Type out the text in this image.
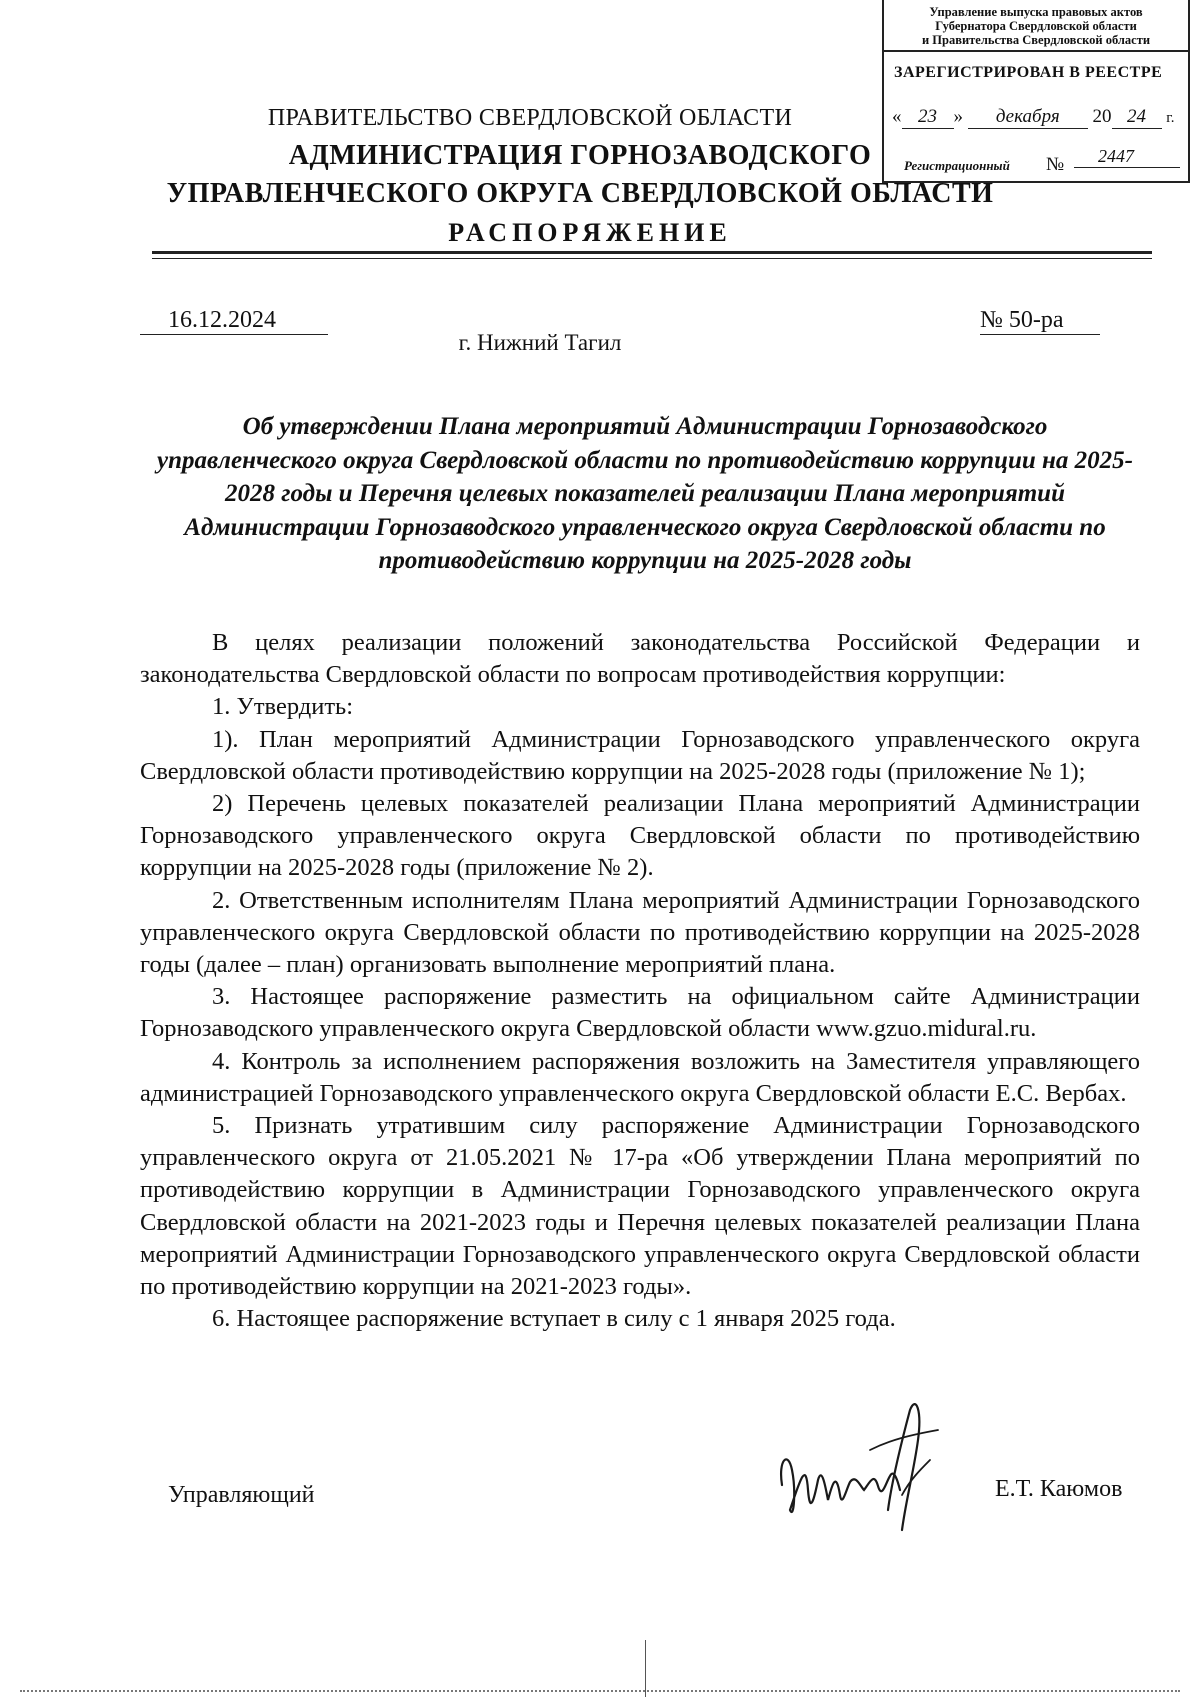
Управление выпуска правовых актов
Губернатора Свердловской области
и Правительства Свердловской области
ЗАРЕГИСТРИРОВАН В РЕЕСТРЕ
« 23 » декабря 20 24 г.
Регистрационный №	2447
ПРАВИТЕЛЬСТВО СВЕРДЛОВСКОЙ ОБЛАСТИ
АДМИНИСТРАЦИЯ ГОРНОЗАВОДСКОГО
УПРАВЛЕНЧЕСКОГО ОКРУГА СВЕРДЛОВСКОЙ ОБЛАСТИ
РАСПОРЯЖЕНИЕ
16.12.2024	№ 50-ра
г. Нижний Тагил
Об утверждении Плана мероприятий Администрации Горнозаводского управленческого округа Свердловской области по противодействию коррупции на 2025-2028 годы и Перечня целевых показателей реализации Плана мероприятий Администрации Горнозаводского управленческого округа Свердловской области по противодействию коррупции на 2025-2028 годы

В целях реализации положений законодательства Российской Федерации и законодательства Свердловской области по вопросам противодействия коррупции:

1. Утвердить:

1). План мероприятий Администрации Горнозаводского управленческого округа Свердловской области противодействию коррупции на 2025-2028 годы (приложение № 1);

2) Перечень целевых показателей реализации Плана мероприятий Администрации Горнозаводского управленческого округа Свердловской области по противодействию коррупции на 2025-2028 годы (приложение № 2).

2. Ответственным исполнителям Плана мероприятий Администрации Горнозаводского управленческого округа Свердловской области по противодействию коррупции на 2025-2028 годы (далее – план) организовать выполнение мероприятий плана.

3. Настоящее распоряжение разместить на официальном сайте Администрации Горнозаводского управленческого округа Свердловской области www.gzuo.midural.ru.

4. Контроль за исполнением распоряжения возложить на Заместителя управляющего администрацией Горнозаводского управленческого округа Свердловской области Е.С. Вербах.

5. Признать утратившим силу распоряжение Администрации Горнозаводского управленческого округа от 21.05.2021 № 17-ра «Об утверждении Плана мероприятий по противодействию коррупции в Администрации Горнозаводского управленческого округа Свердловской области на 2021-2023 годы и Перечня целевых показателей реализации Плана мероприятий Администрации Горнозаводского управленческого округа Свердловской области по противодействию коррупции на 2021-2023 годы».

6. Настоящее распоряжение вступает в силу с 1 января 2025 года.

Управляющий	Е.Т. Каюмов
